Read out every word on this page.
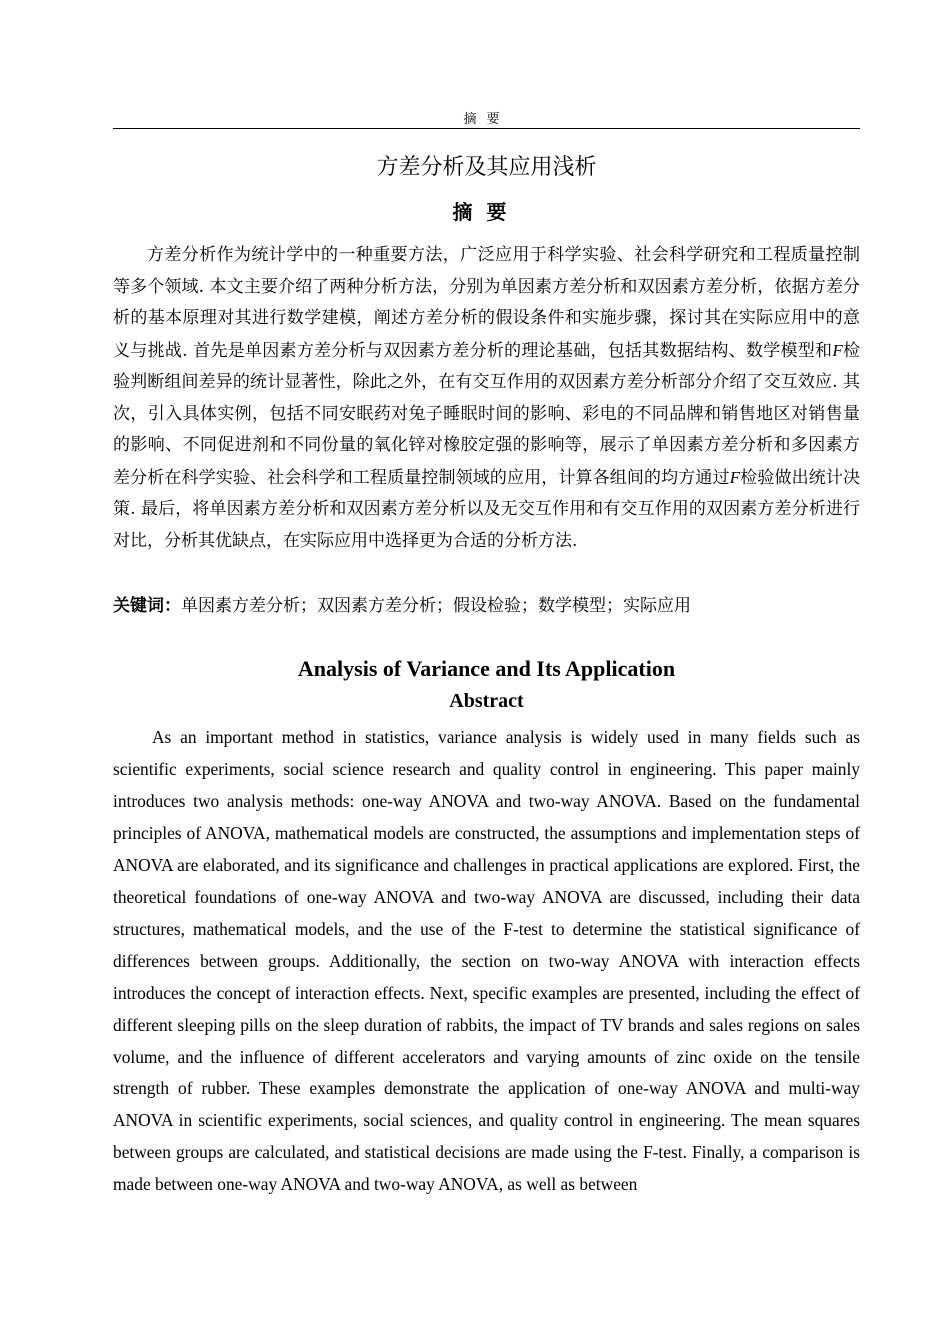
摘要
方差分析及其应用浅析
摘要
方差分析作为统计学中的一种重要方法，广泛应用于科学实验、社会科学研究和工程质量控制等多个领域. 本文主要介绍了两种分析方法，分别为单因素方差分析和双因素方差分析，依据方差分析的基本原理对其进行数学建模，阐述方差分析的假设条件和实施步骤，探讨其在实际应用中的意义与挑战. 首先是单因素方差分析与双因素方差分析的理论基础，包括其数据结构、数学模型和F检验判断组间差异的统计显著性，除此之外，在有交互作用的双因素方差分析部分介绍了交互效应. 其次，引入具体实例，包括不同安眠药对兔子睡眠时间的影响、彩电的不同品牌和销售地区对销售量的影响、不同促进剂和不同份量的氧化锌对橡胶定强的影响等，展示了单因素方差分析和多因素方差分析在科学实验、社会科学和工程质量控制领域的应用，计算各组间的均方通过F检验做出统计决策. 最后，将单因素方差分析和双因素方差分析以及无交互作用和有交互作用的双因素方差分析进行对比，分析其优缺点，在实际应用中选择更为合适的分析方法.
关键词：单因素方差分析；双因素方差分析；假设检验；数学模型；实际应用
Analysis of Variance and Its Application
Abstract
As an important method in statistics, variance analysis is widely used in many fields such as scientific experiments, social science research and quality control in engineering. This paper mainly introduces two analysis methods: one-way ANOVA and two-way ANOVA. Based on the fundamental principles of ANOVA, mathematical models are constructed, the assumptions and implementation steps of ANOVA are elaborated, and its significance and challenges in practical applications are explored. First, the theoretical foundations of one-way ANOVA and two-way ANOVA are discussed, including their data structures, mathematical models, and the use of the F-test to determine the statistical significance of differences between groups. Additionally, the section on two-way ANOVA with interaction effects introduces the concept of interaction effects. Next, specific examples are presented, including the effect of different sleeping pills on the sleep duration of rabbits, the impact of TV brands and sales regions on sales volume, and the influence of different accelerators and varying amounts of zinc oxide on the tensile strength of rubber. These examples demonstrate the application of one-way ANOVA and multi-way ANOVA in scientific experiments, social sciences, and quality control in engineering. The mean squares between groups are calculated, and statistical decisions are made using the F-test. Finally, a comparison is made between one-way ANOVA and two-way ANOVA, as well as between
